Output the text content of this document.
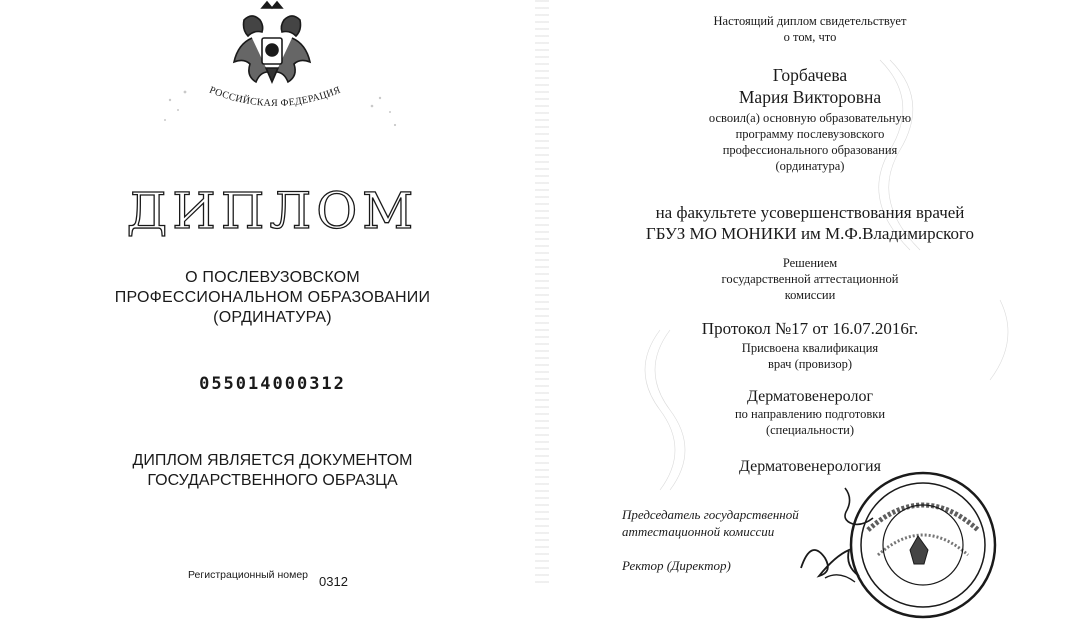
РОССИЙСКАЯ ФЕДЕРАЦИЯ
ДИПЛОМ
О ПОСЛЕВУЗОВСКОМ
ПРОФЕССИОНАЛЬНОМ ОБРАЗОВАНИИ
(ОРДИНАТУРА)
055014000312
ДИПЛОМ ЯВЛЯЕТСЯ ДОКУМЕНТОМ
ГОСУДАРСТВЕННОГО ОБРАЗЦА
Регистрационный номер 0312
Настоящий диплом свидетельствует
о том, что
Горбачева
Мария Викторовна
освоил(а) основную образовательную
программу послевузовского
профессионального образования
(ординатура)
на факультете усовершенствования врачей
ГБУЗ МО МОНИКИ им М.Ф.Владимирского
Решением
государственной аттестационной
комиссии
Протокол №17 от 16.07.2016г.
Присвоена квалификация
врач (провизор)
Дерматовенеролог
по направлению подготовки
(специальности)
Дерматовенерология
Председатель государственной
аттестационной комиссии
Ректор (Директор)
